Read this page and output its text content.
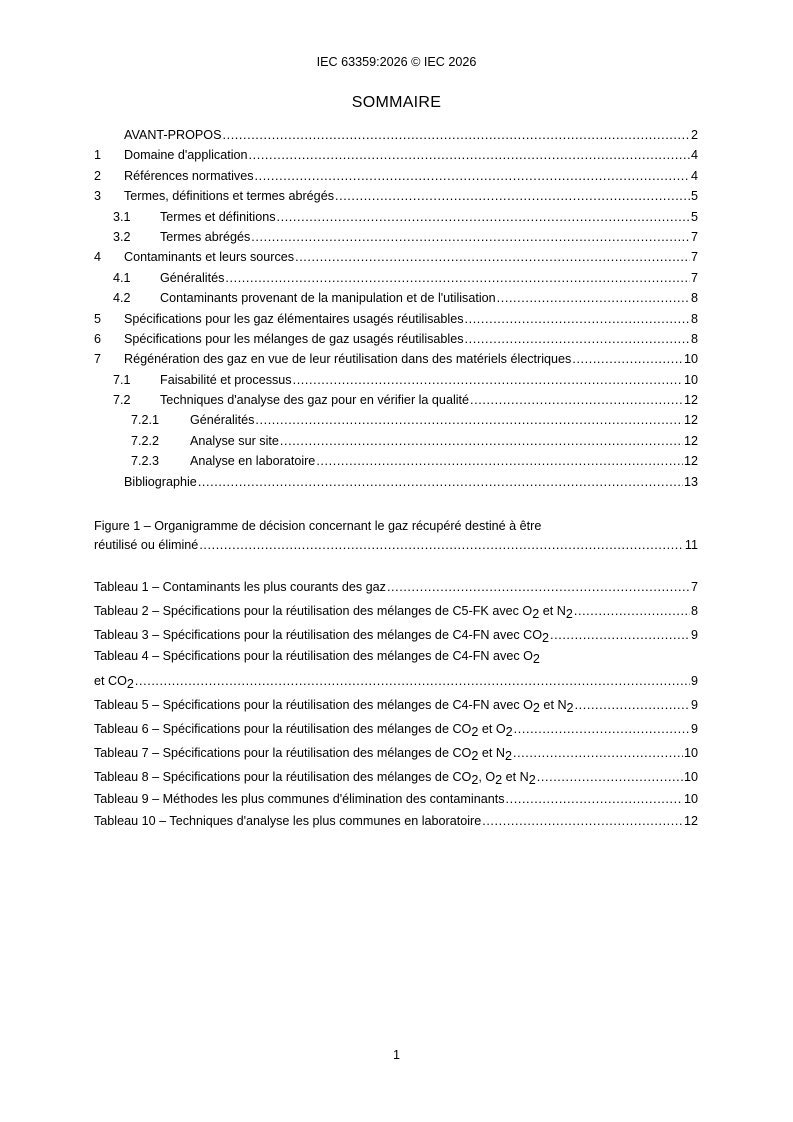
IEC 63359:2026 © IEC 2026
SOMMAIRE
AVANT-PROPOS .....	2
1	Domaine d'application .....	4
2	Références normatives .....	4
3	Termes, définitions et termes abrégés .....	5
3.1	Termes et définitions .....	5
3.2	Termes abrégés .....	7
4	Contaminants et leurs sources .....	7
4.1	Généralités .....	7
4.2	Contaminants provenant de la manipulation et de l'utilisation .....	8
5	Spécifications pour les gaz élémentaires usagés réutilisables .....	8
6	Spécifications pour les mélanges de gaz usagés réutilisables .....	8
7	Régénération des gaz en vue de leur réutilisation dans des matériels électriques .....	10
7.1	Faisabilité et processus .....	10
7.2	Techniques d'analyse des gaz pour en vérifier la qualité .....	12
7.2.1	Généralités .....	12
7.2.2	Analyse sur site .....	12
7.2.3	Analyse en laboratoire .....	12
Bibliographie .....	13
Figure 1 – Organigramme de décision concernant le gaz récupéré destiné à être
réutilisé ou éliminé .....	11
Tableau 1 – Contaminants les plus courants des gaz .....	7
Tableau 2 – Spécifications pour la réutilisation des mélanges de C5-FK avec $O_2$ et $N_2$ .....	8
Tableau 3 – Spécifications pour la réutilisation des mélanges de C4-FN avec $CO_2$ .....	9
Tableau 4 – Spécifications pour la réutilisation des mélanges de C4-FN avec $O_2$
et $CO_2$ .....	9
Tableau 5 – Spécifications pour la réutilisation des mélanges de C4-FN avec $O_2$ et $N_2$ .....	9
Tableau 6 – Spécifications pour la réutilisation des mélanges de $CO_2$ et $O_2$ .....	9
Tableau 7 – Spécifications pour la réutilisation des mélanges de $CO_2$ et $N_2$ .....	10
Tableau 8 – Spécifications pour la réutilisation des mélanges de $CO_2$, $O_2$ et $N_2$ .....	10
Tableau 9 – Méthodes les plus communes d'élimination des contaminants .....	10
Tableau 10 – Techniques d'analyse les plus communes en laboratoire .....	12
1
